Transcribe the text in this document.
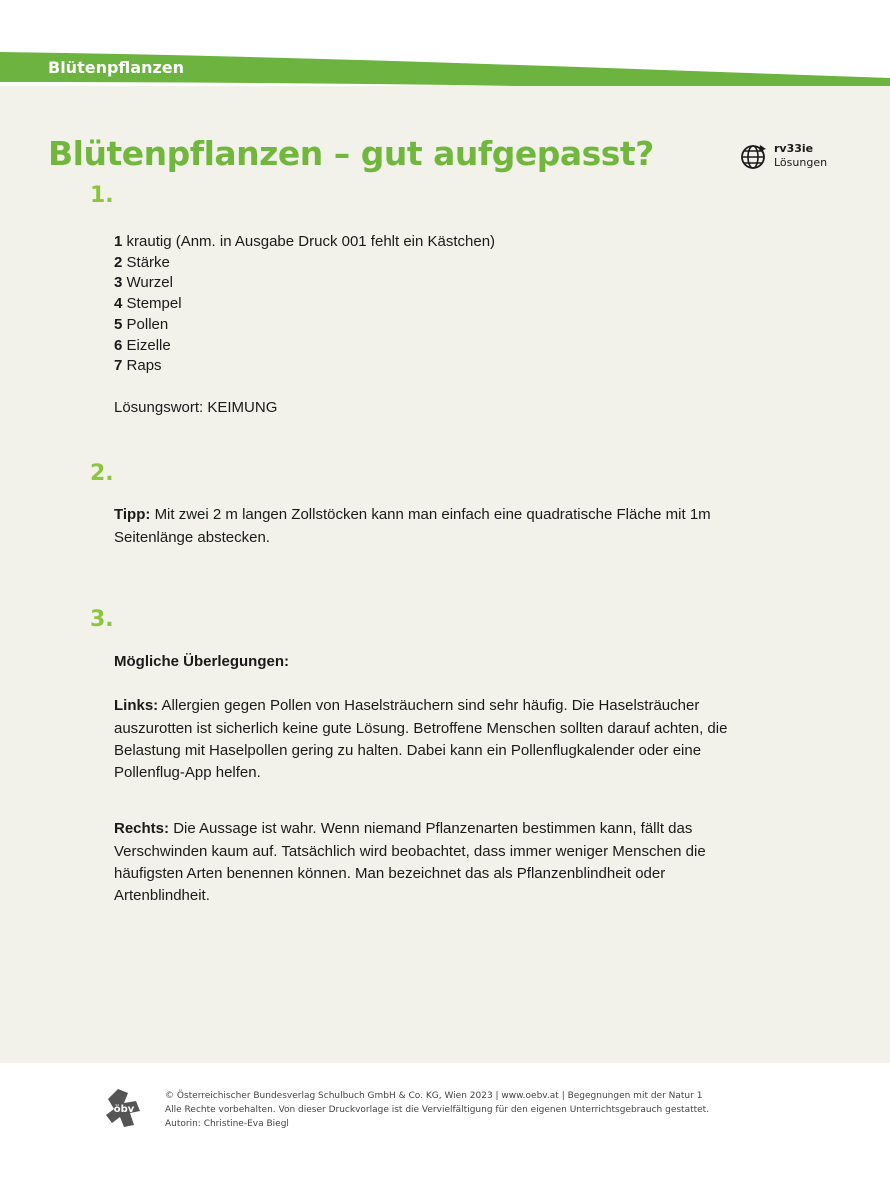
Blütenpflanzen
Blütenpflanzen – gut aufgepasst?	rv33ie
Lösungen
1.
1 krautig (Anm. in Ausgabe Druck 001 fehlt ein Kästchen)
2 Stärke
3 Wurzel
4 Stempel
5 Pollen
6 Eizelle
7 Raps

Lösungswort: KEIMUNG

2.

Tipp: Mit zwei 2 m langen Zollstöcken kann man einfach eine quadratische Fläche mit 1m Seitenlänge abstecken.

3.

Mögliche Überlegungen:

Links: Allergien gegen Pollen von Haselsträuchern sind sehr häufig. Die Haselsträucher auszurotten ist sicherlich keine gute Lösung. Betroffene Menschen sollten darauf achten, die Belastung mit Haselpollen gering zu halten. Dabei kann ein Pollenflugkalender oder eine Pollenflug-App helfen.

Rechts: Die Aussage ist wahr. Wenn niemand Pflanzenarten bestimmen kann, fällt das Verschwinden kaum auf. Tatsächlich wird beobachtet, dass immer weniger Menschen die häufigsten Arten benennen können. Man bezeichnet das als Pflanzenblindheit oder Artenblindheit.

öbv
© Österreichischer Bundesverlag Schulbuch GmbH & Co. KG, Wien 2023 | www.oebv.at | Begegnungen mit der Natur 1
Alle Rechte vorbehalten. Von dieser Druckvorlage ist die Vervielfältigung für den eigenen Unterrichtsgebrauch gestattet.
Autorin: Christine-Eva Biegl
